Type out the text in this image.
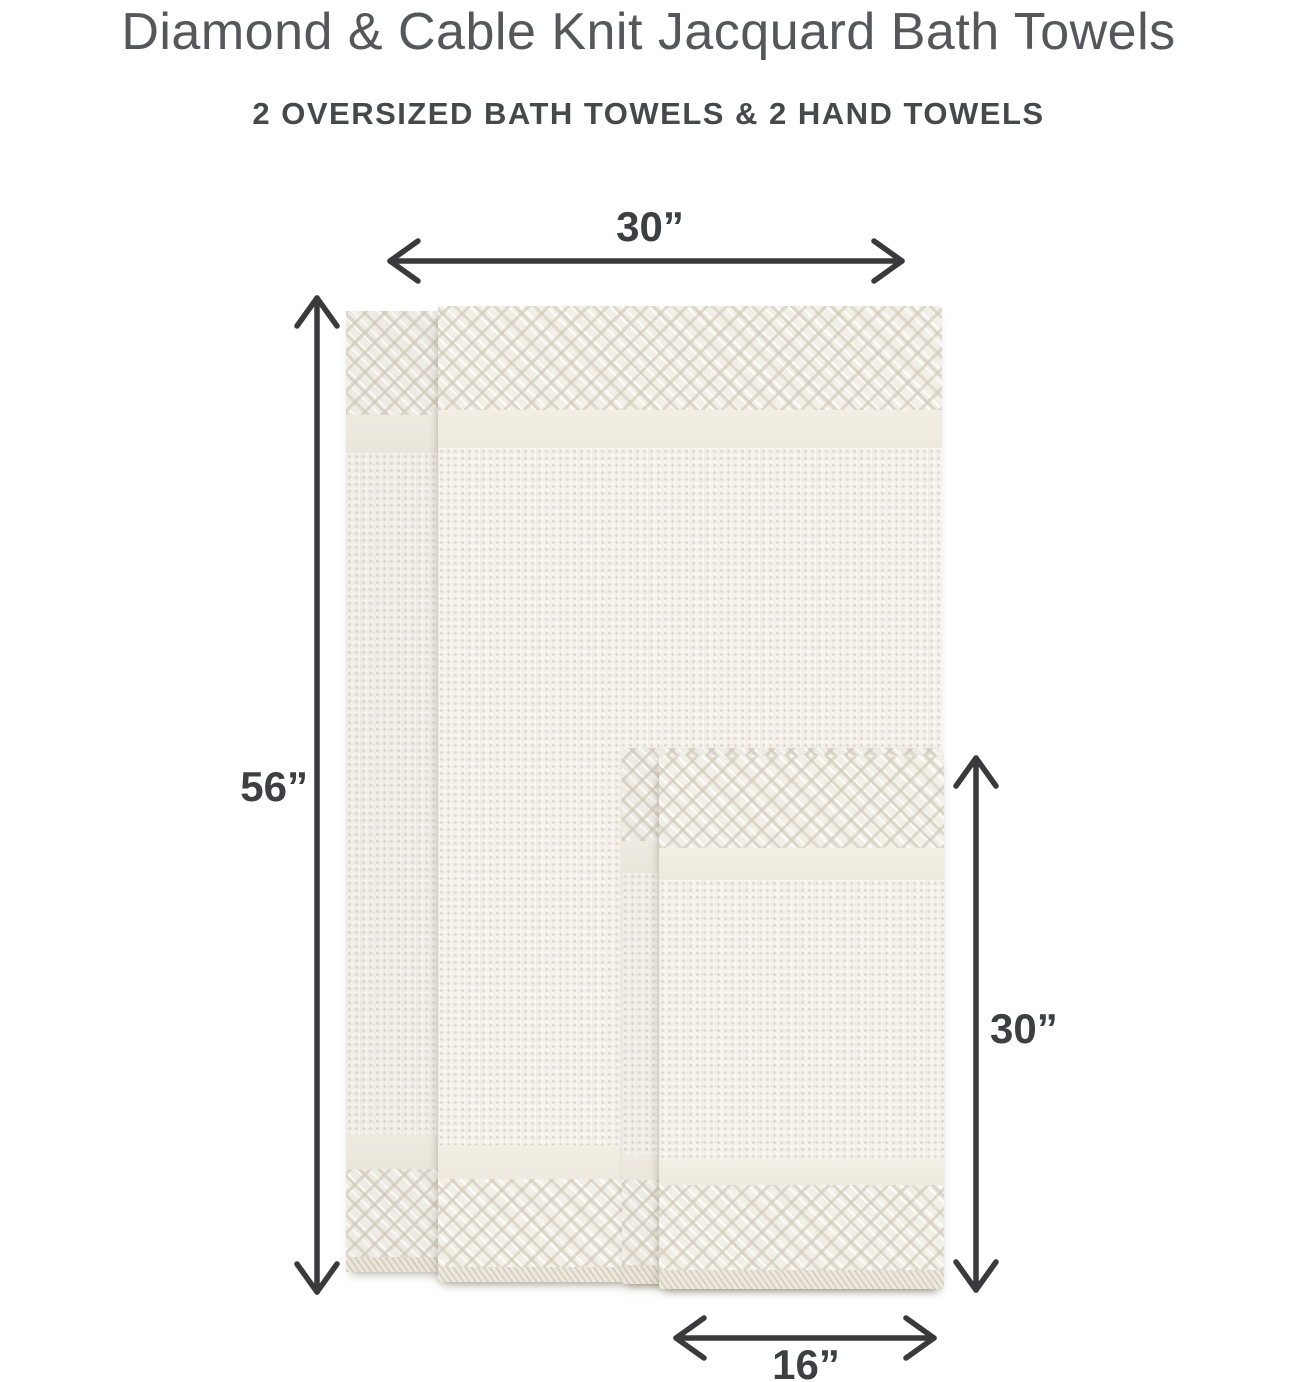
Diamond & Cable Knit Jacquard Bath Towels
2 OVERSIZED BATH TOWELS & 2 HAND TOWELS
30”
56”
30”
16”
